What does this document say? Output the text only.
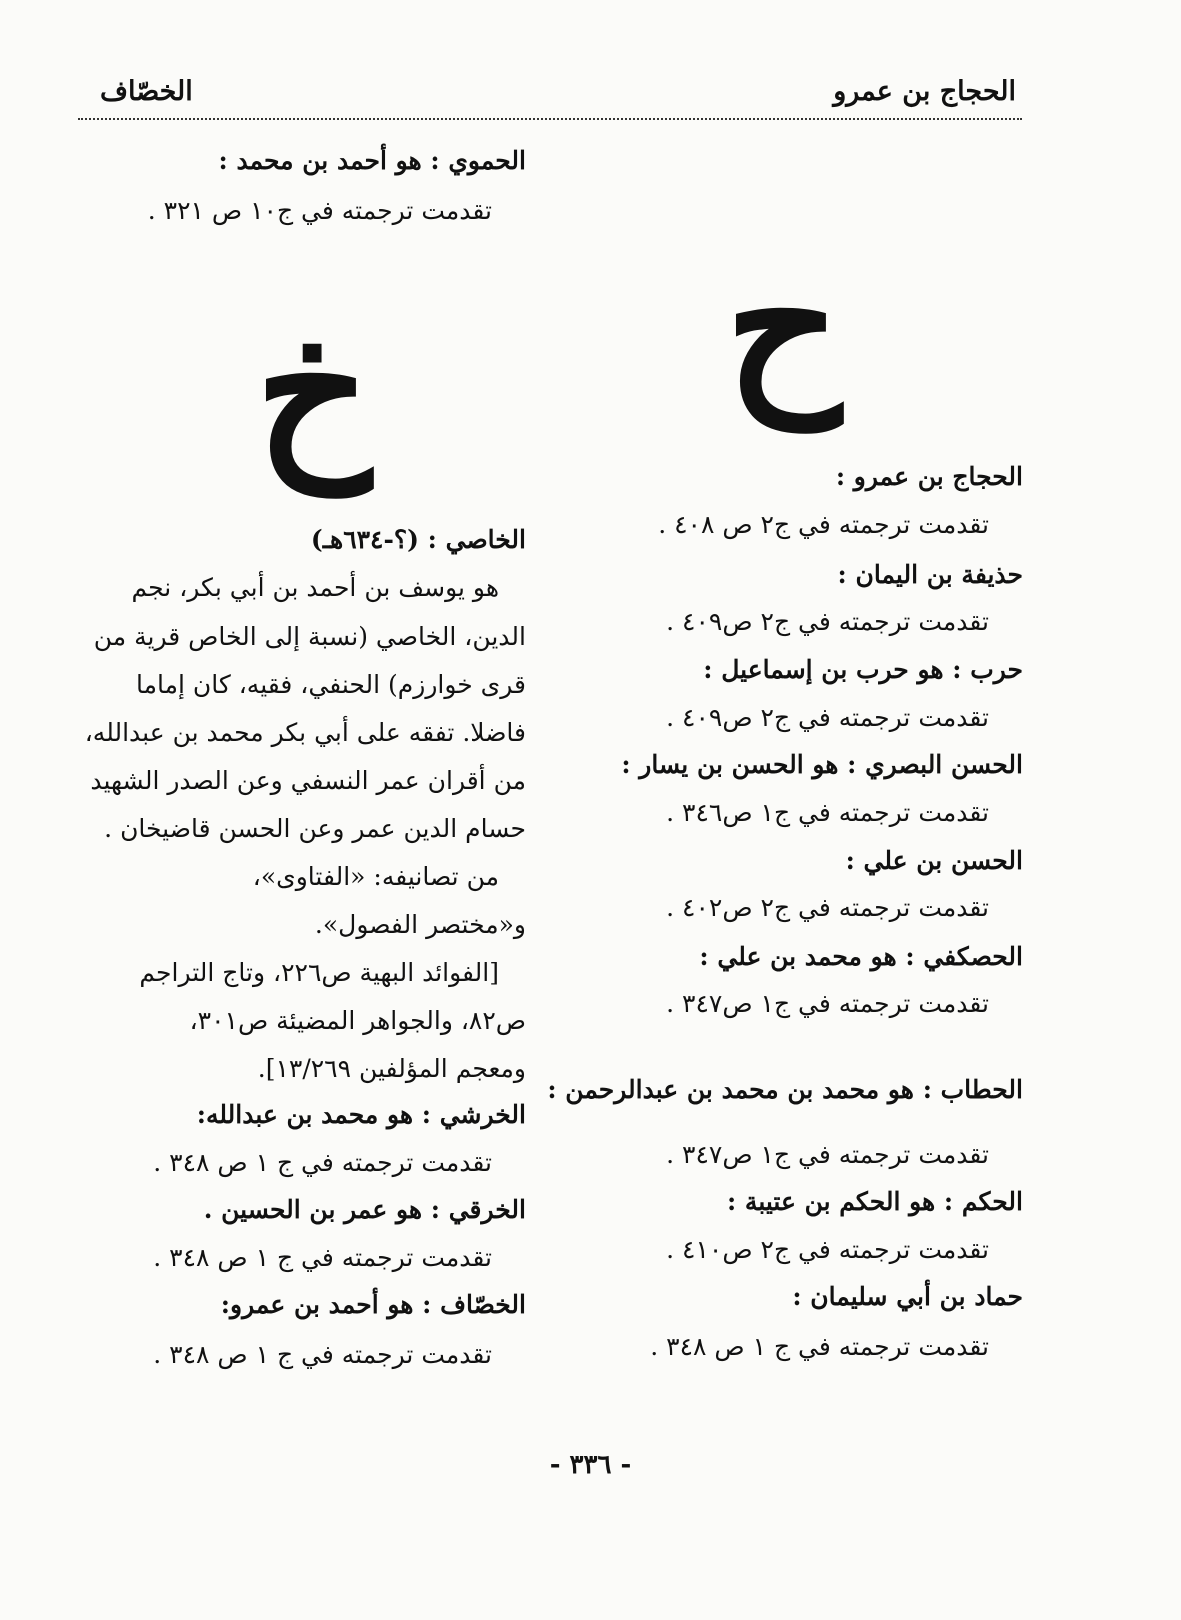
الحجاج بن عمرو
الخصّاف
ح
الحجاج بن عمرو :
تقدمت ترجمته في ج٢ ص ٤٠٨ .
حذيفة بن اليمان :
تقدمت ترجمته في ج٢ ص٤٠٩ .
حرب : هو حرب بن إسماعيل :
تقدمت ترجمته في ج٢ ص٤٠٩ .
الحسن البصري : هو الحسن بن يسار :
تقدمت ترجمته في ج١ ص٣٤٦ .
الحسن بن علي :
تقدمت ترجمته في ج٢ ص٤٠٢ .
الحصكفي : هو محمد بن علي :
تقدمت ترجمته في ج١ ص٣٤٧ .
الحطاب : هو محمد بن محمد بن عبدالرحمن :
تقدمت ترجمته في ج١ ص٣٤٧ .
الحكم : هو الحكم بن عتيبة :
تقدمت ترجمته في ج٢ ص٤١٠ .
حماد بن أبي سليمان :
تقدمت ترجمته في ج ١ ص ٣٤٨ .
خ
الحموي : هو أحمد بن محمد :
تقدمت ترجمته في ج١٠ ص ٣٢١ .
الخاصي : (؟-٦٣٤هـ)
هو يوسف بن أحمد بن أبي بكر، نجم
الدين، الخاصي (نسبة إلى الخاص قرية من
قرى خوارزم) الحنفي، فقيه، كان إماما
فاضلا. تفقه على أبي بكر محمد بن عبدالله،
من أقران عمر النسفي وعن الصدر الشهيد
حسام الدين عمر وعن الحسن قاضيخان .
من تصانيفه: «الفتاوى»،
و«مختصر الفصول».
[الفوائد البهية ص٢٢٦، وتاج التراجم
ص٨٢، والجواهر المضيئة ص٣٠١،
ومعجم المؤلفين ١٣/٢٦٩].
الخرشي : هو محمد بن عبدالله:
تقدمت ترجمته في ج ١ ص ٣٤٨ .
الخرقي : هو عمر بن الحسين .
تقدمت ترجمته في ج ١ ص ٣٤٨ .
الخصّاف : هو أحمد بن عمرو:
تقدمت ترجمته في ج ١ ص ٣٤٨ .
- ٣٣٦ -
